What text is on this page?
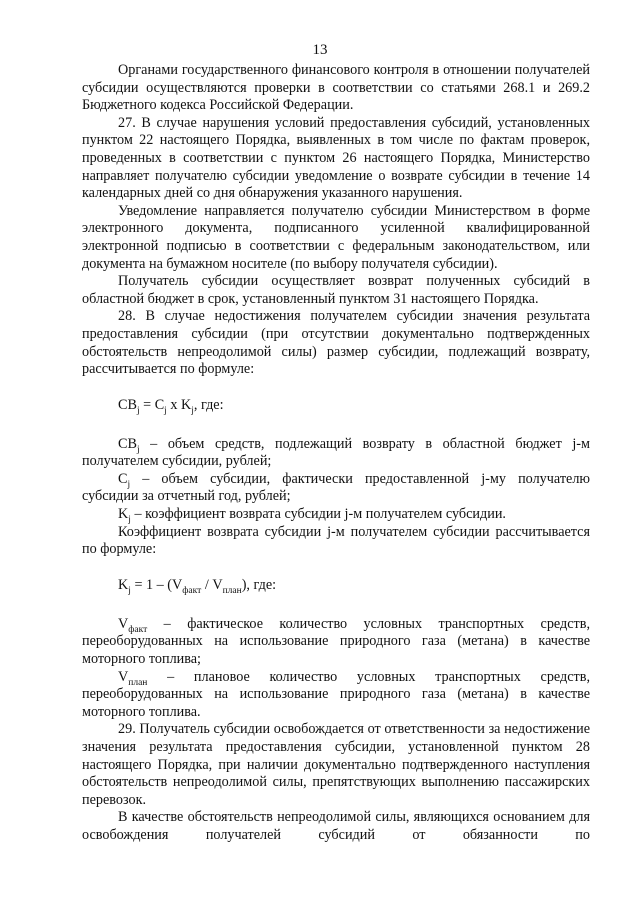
13

Органами государственного финансового контроля в отношении получателей субсидии осуществляются проверки в соответствии со статьями 268.1 и 269.2 Бюджетного кодекса Российской Федерации.

27. В случае нарушения условий предоставления субсидий, установленных пунктом 22 настоящего Порядка, выявленных в том числе по фактам проверок, проведенных в соответствии с пунктом 26 настоящего Порядка, Министерство направляет получателю субсидии уведомление о возврате субсидии в течение 14 календарных дней со дня обнаружения указанного нарушения.

Уведомление направляется получателю субсидии Министерством в форме электронного документа, подписанного усиленной квалифицированной электронной подписью в соответствии с федеральным законодательством, или документа на бумажном носителе (по выбору получателя субсидии).

Получатель субсидии осуществляет возврат полученных субсидий в областной бюджет в срок, установленный пунктом 31 настоящего Порядка.

28. В случае недостижения получателем субсидии значения результата предоставления субсидии (при отсутствии документально подтвержденных обстоятельств непреодолимой силы) размер субсидии, подлежащий возврату, рассчитывается по формуле:

$CB_j = C_j$ x $K_j$, где:

$CB_j$ – объем средств, подлежащий возврату в областной бюджет j-м получателем субсидии, рублей;

$C_j$ – объем субсидии, фактически предоставленной j-му получателю субсидии за отчетный год, рублей;

$K_j$ – коэффициент возврата субсидии j-м получателем субсидии.

Коэффициент возврата субсидии j-м получателем субсидии рассчитывается по формуле:

$K_j = 1 - (V_{факт} / V_{план})$, где:

$V_{факт}$ – фактическое количество условных транспортных средств, переоборудованных на использование природного газа (метана) в качестве моторного топлива;

$V_{план}$ – плановое количество условных транспортных средств, переоборудованных на использование природного газа (метана) в качестве моторного топлива.

29. Получатель субсидии освобождается от ответственности за недостижение значения результата предоставления субсидии, установленной пунктом 28 настоящего Порядка, при наличии документально подтвержденного наступления обстоятельств непреодолимой силы, препятствующих выполнению пассажирских перевозок.

В качестве обстоятельств непреодолимой силы, являющихся основанием для освобождения получателей субсидий от обязанности по
